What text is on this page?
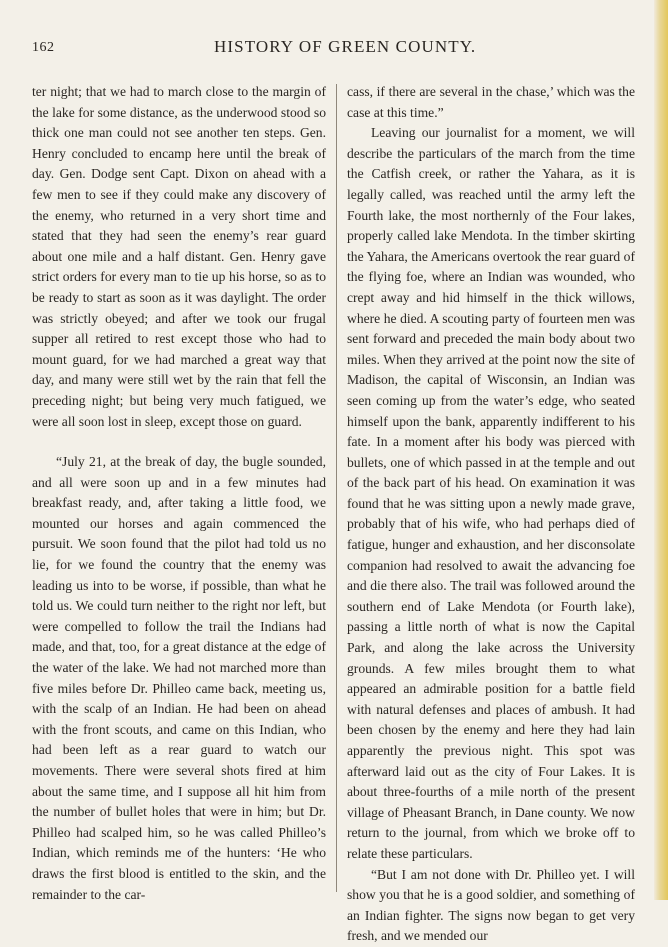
162	HISTORY OF GREEN COUNTY.

ter night; that we had to march close to the margin of the lake for some distance, as the underwood stood so thick one man could not see another ten steps. Gen. Henry concluded to encamp here until the break of day. Gen. Dodge sent Capt. Dixon on ahead with a few men to see if they could make any discovery of the enemy, who returned in a very short time and stated that they had seen the enemy’s rear guard about one mile and a half distant. Gen. Henry gave strict orders for every man to tie up his horse, so as to be ready to start as soon as it was daylight. The order was strictly obeyed; and after we took our frugal supper all retired to rest except those who had to mount guard, for we had marched a great way that day, and many were still wet by the rain that fell the preceding night; but being very much fatigued, we were all soon lost in sleep, except those on guard.

“July 21, at the break of day, the bugle sounded, and all were soon up and in a few minutes had breakfast ready, and, after taking a little food, we mounted our horses and again commenced the pursuit. We soon found that the pilot had told us no lie, for we found the country that the enemy was leading us into to be worse, if possible, than what he told us. We could turn neither to the right nor left, but were compelled to follow the trail the Indians had made, and that, too, for a great distance at the edge of the water of the lake. We had not marched more than five miles before Dr. Philleo came back, meeting us, with the scalp of an Indian. He had been on ahead with the front scouts, and came on this Indian, who had been left as a rear guard to watch our movements. There were several shots fired at him about the same time, and I suppose all hit him from the number of bullet holes that were in him; but Dr. Philleo had scalped him, so he was called Philleo’s Indian, which reminds me of the hunters: ‘He who draws the first blood is entitled to the skin, and the remainder to the car-

cass, if there are several in the chase,’ which was the case at this time.”

Leaving our journalist for a moment, we will describe the particulars of the march from the time the Catfish creek, or rather the Yahara, as it is legally called, was reached until the army left the Fourth lake, the most northernly of the Four lakes, properly called lake Mendota. In the timber skirting the Yahara, the Americans overtook the rear guard of the flying foe, where an Indian was wounded, who crept away and hid himself in the thick willows, where he died. A scouting party of fourteen men was sent forward and preceded the main body about two miles. When they arrived at the point now the site of Madison, the capital of Wisconsin, an Indian was seen coming up from the water’s edge, who seated himself upon the bank, apparently indifferent to his fate. In a moment after his body was pierced with bullets, one of which passed in at the temple and out of the back part of his head. On examination it was found that he was sitting upon a newly made grave, probably that of his wife, who had perhaps died of fatigue, hunger and exhaustion, and her disconsolate companion had resolved to await the advancing foe and die there also. The trail was followed around the southern end of Lake Mendota (or Fourth lake), passing a little north of what is now the Capital Park, and along the lake across the University grounds. A few miles brought them to what appeared an admirable position for a battle field with natural defenses and places of ambush. It had been chosen by the enemy and here they had lain apparently the previous night. This spot was afterward laid out as the city of Four Lakes. It is about three-fourths of a mile north of the present village of Pheasant Branch, in Dane county. We now return to the journal, from which we broke off to relate these particulars.

“But I am not done with Dr. Philleo yet. I will show you that he is a good soldier, and something of an Indian fighter. The signs now began to get very fresh, and we mended our
